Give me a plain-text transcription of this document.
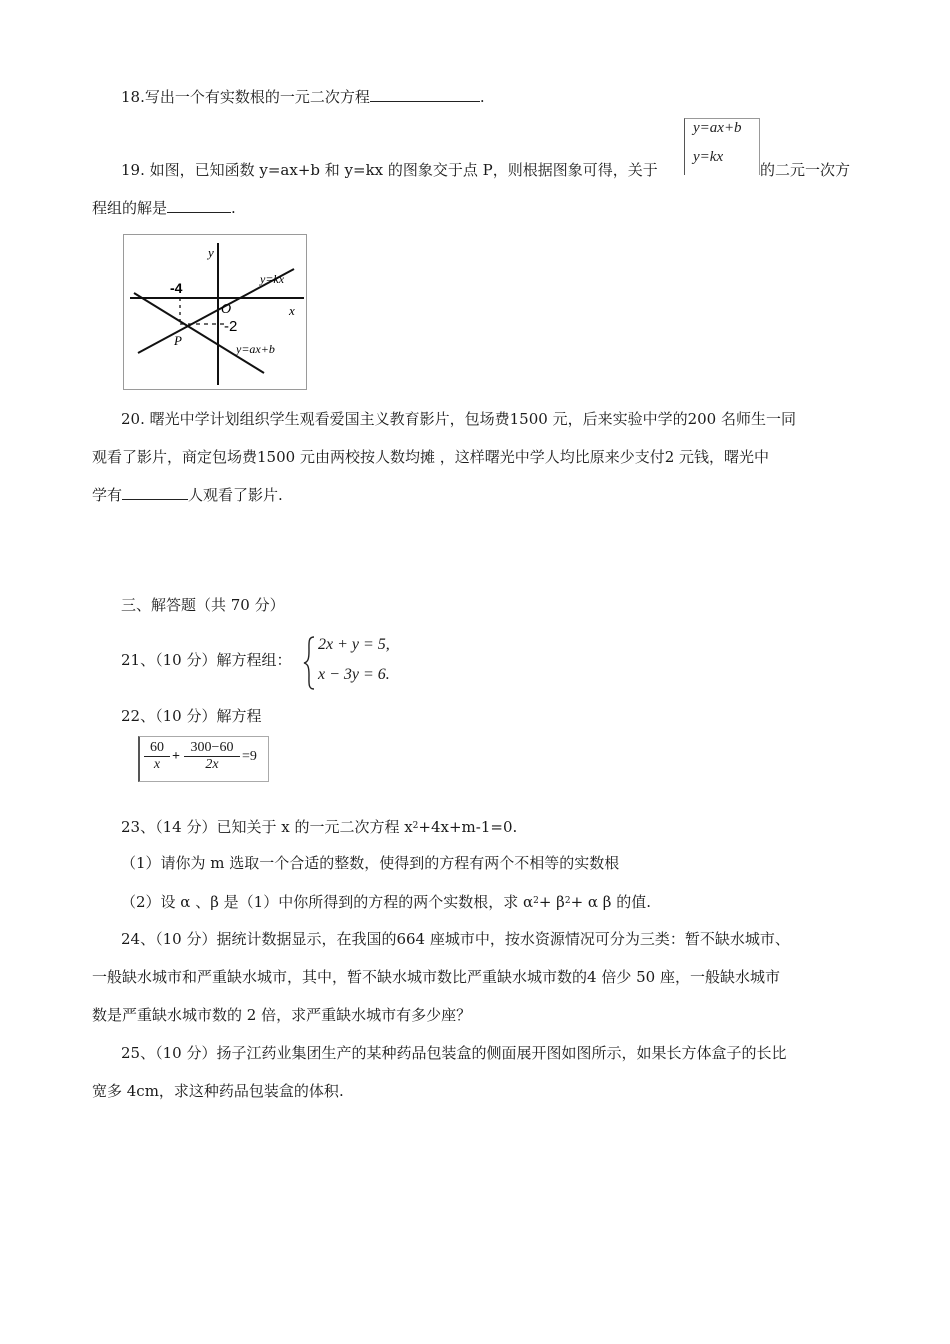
18.写出一个有实数根的一元二次方程	.
19. 如图，已知函数 y=ax+b 和 y=kx 的图象交于点 P，则根据图象可得，关于
y=ax+b
y=kx
的二元一次方
程组的解是	.
y
x
O
-4
-2
P
y=kx
y=ax+b
20. 曙光中学计划组织学生观看爱国主义教育影片，包场费1500 元，后来实验中学的200 名师生一同
观看了影片，商定包场费1500 元由两校按人数均摊 ，这样曙光中学人均比原来少支付2 元钱，曙光中
学有	人观看了影片.
三、解答题（共 70 分）
21、（10 分）解方程组：
2x + y = 5,
x − 3y = 6.
22、（10 分）解方程
$\frac{60}{x} + \frac{300-60}{2x} =9$
23、（14 分）已知关于 x 的一元二次方程 $x^2+4x+m-1=0$.
（1）请你为 m 选取一个合适的整数，使得到的方程有两个不相等的实数根
（2）设 α 、β 是（1）中你所得到的方程的两个实数根，求 $\alpha^2+ \beta^2+ \alpha$ β 的值.
24、（10 分）据统计数据显示，在我国的664 座城市中，按水资源情况可分为三类：暂不缺水城市、
一般缺水城市和严重缺水城市，其中，暂不缺水城市数比严重缺水城市数的4 倍少 50 座，一般缺水城市
数是严重缺水城市数的 2 倍，求严重缺水城市有多少座？
25、（10 分）扬子江药业集团生产的某种药品包装盒的侧面展开图如图所示，如果长方体盒子的长比
宽多 4cm，求这种药品包装盒的体积.
